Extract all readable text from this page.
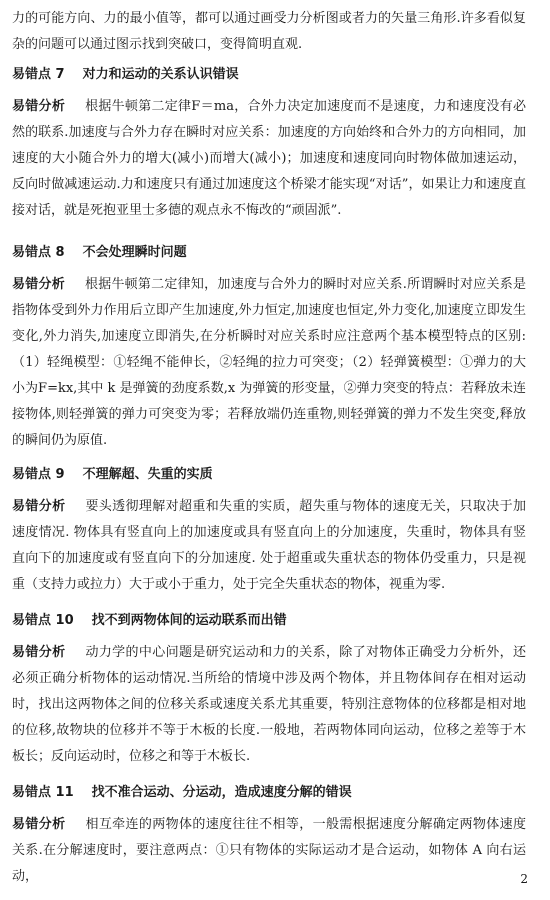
力的可能方向、力的最小值等，都可以通过画受力分析图或者力的矢量三角形.许多看似复杂的问题可以通过图示找到突破口，变得简明直观.
易错点 7 对力和运动的关系认识错误
易错分析 根据牛顿第二定律F＝ma，合外力决定加速度而不是速度，力和速度没有必然的联系.加速度与合外力存在瞬时对应关系：加速度的方向始终和合外力的方向相同，加速度的大小随合外力的增大(减小)而增大(减小)；加速度和速度同向时物体做加速运动，反向时做减速运动.力和速度只有通过加速度这个桥梁才能实现“对话”，如果让力和速度直接对话，就是死抱亚里士多德的观点永不悔改的“顽固派”.
易错点 8 不会处理瞬时问题
易错分析 根据牛顿第二定律知，加速度与合外力的瞬时对应关系.所谓瞬时对应关系是指物体受到外力作用后立即产生加速度,外力恒定,加速度也恒定,外力变化,加速度立即发生变化,外力消失,加速度立即消失,在分析瞬时对应关系时应注意两个基本模型特点的区别:（1）轻绳模型：①轻绳不能伸长，②轻绳的拉力可突变；（2）轻弹簧模型：①弹力的大小为F=kx,其中 k 是弹簧的劲度系数,x 为弹簧的形变量，②弹力突变的特点：若释放未连接物体,则轻弹簧的弹力可突变为零；若释放端仍连重物,则轻弹簧的弹力不发生突变,释放的瞬间仍为原值.
易错点 9 不理解超、失重的实质
易错分析 要头透彻理解对超重和失重的实质，超失重与物体的速度无关，只取决于加速度情况. 物体具有竖直向上的加速度或具有竖直向上的分加速度，失重时，物体具有竖直向下的加速度或有竖直向下的分加速度. 处于超重或失重状态的物体仍受重力，只是视重（支持力或拉力）大于或小于重力，处于完全失重状态的物体，视重为零.
易错点 10 找不到两物体间的运动联系而出错
易错分析 动力学的中心问题是研究运动和力的关系，除了对物体正确受力分析外，还必须正确分析物体的运动情况.当所给的情境中涉及两个物体，并且物体间存在相对运动时，找出这两物体之间的位移关系或速度关系尤其重要，特别注意物体的位移都是相对地的位移,故物块的位移并不等于木板的长度.一般地，若两物体同向运动，位移之差等于木板长；反向运动时，位移之和等于木板长.
易错点 11 找不准合运动、分运动，造成速度分解的错误
易错分析 相互牵连的两物体的速度往往不相等，一般需根据速度分解确定两物体速度关系.在分解速度时，要注意两点：①只有物体的实际运动才是合运动，如物体 A 向右运动，	2
